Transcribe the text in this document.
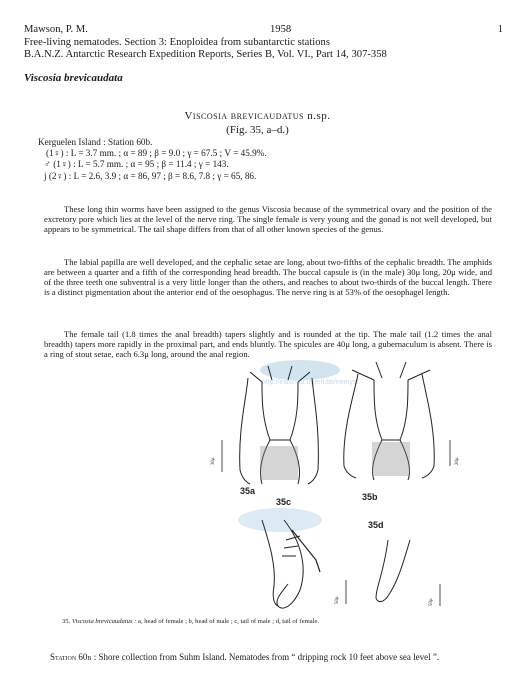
Mawson, P. M.	1958	1
Free-living nematodes. Section 3: Enoploidea from subantarctic stations
B.A.N.Z. Antarctic Research Expedition Reports, Series B, Vol. VI., Part 14, 307-358
Viscosia brevicaudata
Viscosia brevicaudatus n.sp.
(Fig. 35, a–d.)
Kerguelen Island : Station 60b.
(1♀) : L = 3.7 mm. ; α = 89 ; β = 9.0 ; γ = 67.5 ; V = 45.9%.
♂ (1♀) : L = 5.7 mm. ; α = 95 ; β = 11.4 ; γ = 143.
j (2♀) : L = 2.6, 3.9 ; α = 86, 97 ; β = 8.6, 7.8 ; γ = 65, 86.
These long thin worms have been assigned to the genus Viscosia because of the symmetrical ovary and the position of the excretory pore which lies at the level of the nerve ring. The single female is very young and the gonad is not well developed, but appears to be symmetrical. The tail shape differs from that of all other known species of the genus.
The labial papilla are well developed, and the cephalic setae are long, about two-fifths of the cephalic breadth. The amphids are between a quarter and a fifth of the corresponding head breadth. The buccal capsule is (in the male) 30μ long, 20μ wide, and of the three teeth one subventral is a very little longer than the others, and reaches to about two-thirds of the buccal length. There is a distinct pigmentation about the anterior end of the oesophagus. The nerve ring is at 53% of the oesophagel length.
The female tail (1.8 times the anal breadth) tapers slightly and is rounded at the tip. The male tail (1.2 times the anal breadth) tapers more rapidly in the proximal part, and ends bluntly. The spicules are 40μ long, a gubernaculum is absent. There is a ring of stout setae, each 6.3μ long, around the anal region.
http://intramar.ugent.be/nemys/
30μ
35a
20μ
35b
35c
50μ
35d
50μ
35. Viscosia brevicaudatus : a, head of female ; b, head of male ; c, tail of male ; d, tail of female.
Station 60b : Shore collection from Suhm Island. Nematodes from “ dripping rock 10 feet above sea level ”.
